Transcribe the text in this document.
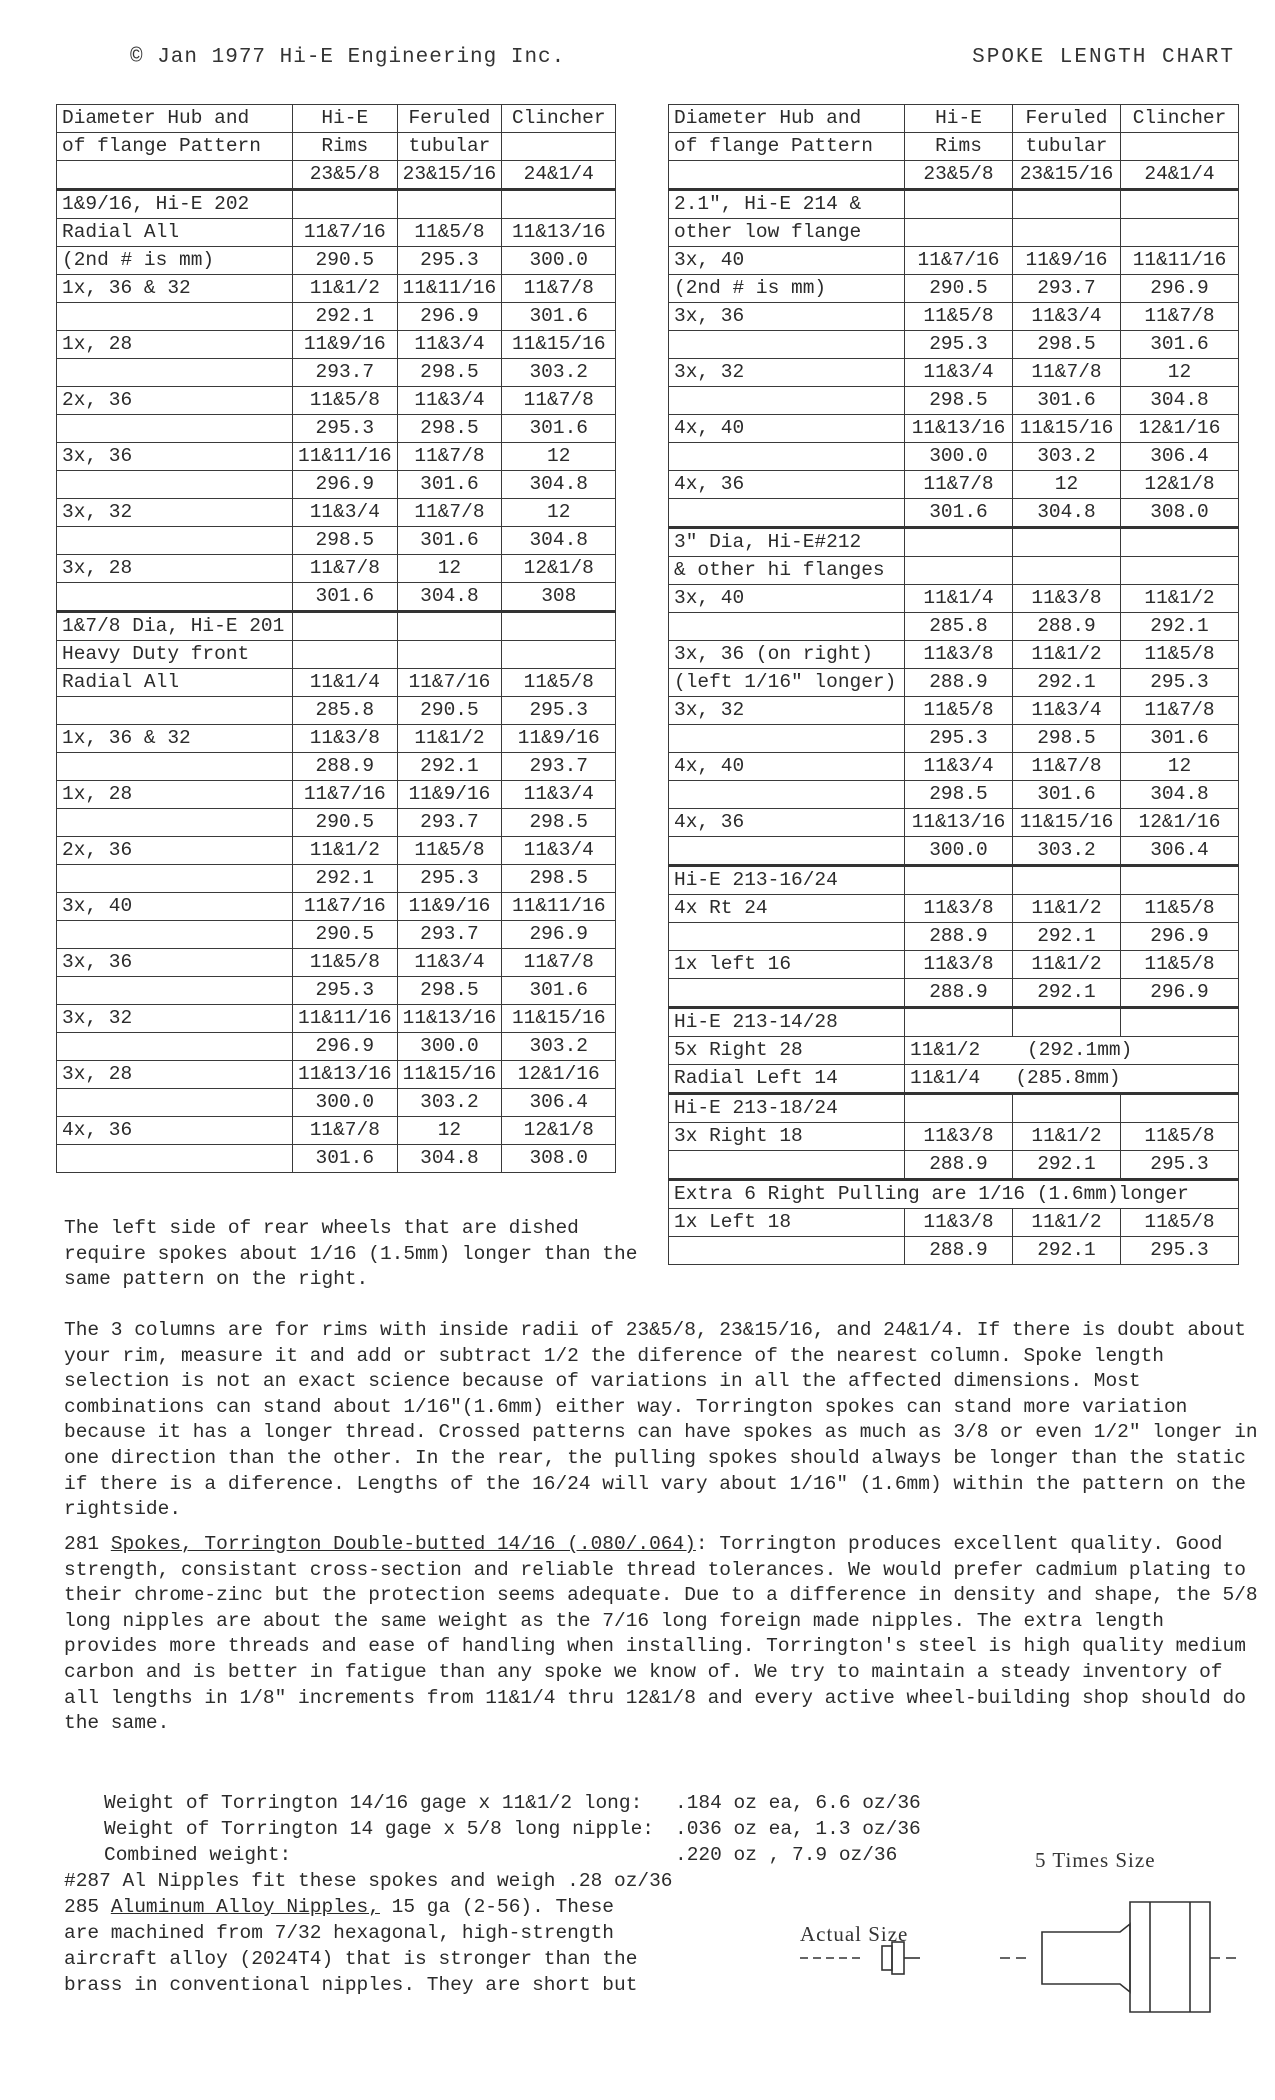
© Jan 1977 Hi-E Engineering Inc.	SPOKE LENGTH CHART
Diameter Hub and	Hi-E	Feruled	Clincher
of flange Pattern	Rims	tubular	
	23&5/8	23&15/16	24&1/4
1&9/16, Hi-E 202			
Radial All	11&7/16	11&5/8	11&13/16
(2nd # is mm)	290.5	295.3	300.0
1x, 36 & 32	11&1/2	11&11/16	11&7/8
	292.1	296.9	301.6
1x, 28	11&9/16	11&3/4	11&15/16
	293.7	298.5	303.2
2x, 36	11&5/8	11&3/4	11&7/8
	295.3	298.5	301.6
3x, 36	11&11/16	11&7/8	12
	296.9	301.6	304.8
3x, 32	11&3/4	11&7/8	12
	298.5	301.6	304.8
3x, 28	11&7/8	12	12&1/8
	301.6	304.8	308
1&7/8 Dia, Hi-E 201			
Heavy Duty front			
Radial All	11&1/4	11&7/16	11&5/8
	285.8	290.5	295.3
1x, 36 & 32	11&3/8	11&1/2	11&9/16
	288.9	292.1	293.7
1x, 28	11&7/16	11&9/16	11&3/4
	290.5	293.7	298.5
2x, 36	11&1/2	11&5/8	11&3/4
	292.1	295.3	298.5
3x, 40	11&7/16	11&9/16	11&11/16
	290.5	293.7	296.9
3x, 36	11&5/8	11&3/4	11&7/8
	295.3	298.5	301.6
3x, 32	11&11/16	11&13/16	11&15/16
	296.9	300.0	303.2
3x, 28	11&13/16	11&15/16	12&1/16
	300.0	303.2	306.4
4x, 36	11&7/8	12	12&1/8
	301.6	304.8	308.0
Diameter Hub and	Hi-E	Feruled	Clincher
of flange Pattern	Rims	tubular	
	23&5/8	23&15/16	24&1/4
2.1", Hi-E 214 &			
other low flange			
3x, 40	11&7/16	11&9/16	11&11/16
(2nd # is mm)	290.5	293.7	296.9
3x, 36	11&5/8	11&3/4	11&7/8
	295.3	298.5	301.6
3x, 32	11&3/4	11&7/8	12
	298.5	301.6	304.8
4x, 40	11&13/16	11&15/16	12&1/16
	300.0	303.2	306.4
4x, 36	11&7/8	12	12&1/8
	301.6	304.8	308.0
3" Dia, Hi-E#212			
& other hi flanges			
3x, 40	11&1/4	11&3/8	11&1/2
	285.8	288.9	292.1
3x, 36 (on right)	11&3/8	11&1/2	11&5/8
(left 1/16" longer)	288.9	292.1	295.3
3x, 32	11&5/8	11&3/4	11&7/8
	295.3	298.5	301.6
4x, 40	11&3/4	11&7/8	12
	298.5	301.6	304.8
4x, 36	11&13/16	11&15/16	12&1/16
	300.0	303.2	306.4
Hi-E 213-16/24			
4x Rt 24	11&3/8	11&1/2	11&5/8
	288.9	292.1	296.9
1x left 16	11&3/8	11&1/2	11&5/8
	288.9	292.1	296.9
Hi-E 213-14/28			
5x Right 28	11&1/2    (292.1mm)		
Radial Left 14	11&1/4   (285.8mm)		
Hi-E 213-18/24			
3x Right 18	11&3/8	11&1/2	11&5/8
	288.9	292.1	295.3
Extra 6 Right Pulling are 1/16 (1.6mm)longer			
1x Left 18	11&3/8	11&1/2	11&5/8
	288.9	292.1	295.3

The left side of rear wheels that are dished require spokes about 1/16 (1.5mm) longer than the same pattern on the right.

The 3 columns are for rims with inside radii of 23&5/8, 23&15/16, and 24&1/4. If there is doubt about your rim, measure it and add or subtract 1/2 the diference of the nearest column. Spoke length selection is not an exact science because of variations in all the affected dimensions. Most combinations can stand about 1/16"(1.6mm) either way. Torrington spokes can stand more variation because it has a longer thread. Crossed patterns can have spokes as much as 3/8 or even 1/2" longer in one direction than the other. In the rear, the pulling spokes should always be longer than the static if there is a diference. Lengths of the 16/24 will vary about 1/16" (1.6mm) within the pattern on the rightside.

281 Spokes, Torrington Double-butted 14/16 (.080/.064): Torrington produces excellent quality. Good strength, consistant cross-section and reliable thread tolerances. We would prefer cadmium plating to their chrome-zinc but the protection seems adequate. Due to a difference in density and shape, the 5/8 long nipples are about the same weight as the 7/16 long foreign made nipples. The extra length provides more threads and ease of handling when installing. Torrington's steel is high quality medium carbon and is better in fatigue than any spoke we know of. We try to maintain a steady inventory of all lengths in 1/8" increments from 11&1/4 thru 12&1/8 and every active wheel-building shop should do the same.

Weight of Torrington 14/16 gage x 11&1/2 long: .184 oz ea, 6.6 oz/36
Weight of Torrington 14 gage x 5/8 long nipple: .036 oz ea, 1.3 oz/36
Combined weight:	.220 oz , 7.9 oz/36
#287 Al Nipples fit these spokes and weigh .28 oz/36
285 Aluminum Alloy Nipples, 15 ga (2-56). These
are machined from 7/32 hexagonal, high-strength
aircraft alloy (2024T4) that is stronger than the
brass in conventional nipples. They are short but
Actual Size
5 Times Size
